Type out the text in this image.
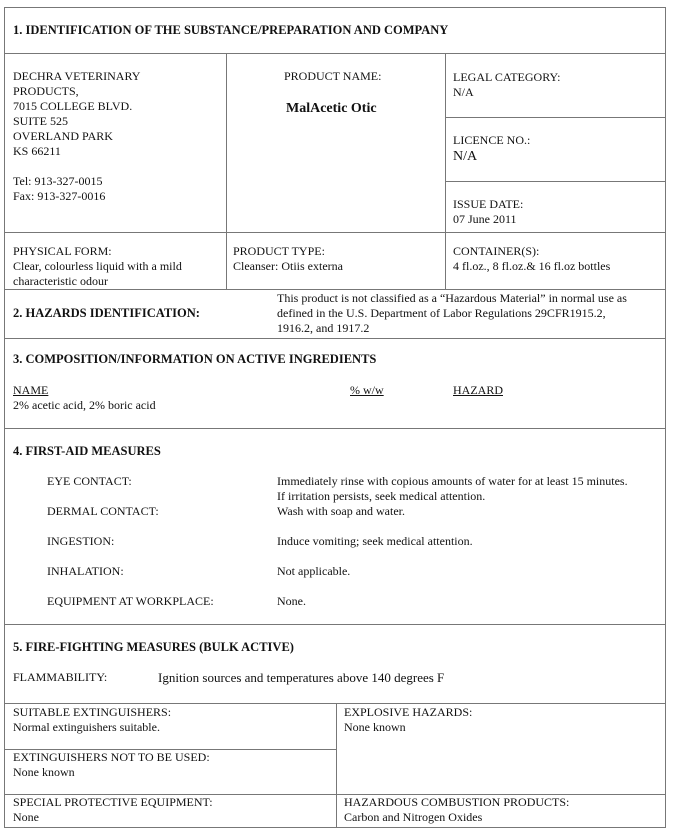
1. IDENTIFICATION OF THE SUBSTANCE/PREPARATION AND COMPANY
DECHRA VETERINARY
PRODUCTS,
7015 COLLEGE BLVD.
SUITE 525
OVERLAND PARK
KS 66211
Tel: 913-327-0015
Fax: 913-327-0016
PRODUCT NAME:
MalAcetic Otic
LEGAL CATEGORY:
N/A
LICENCE NO.:
N/A
ISSUE DATE:
07 June 2011
PHYSICAL FORM:
Clear, colourless liquid with a mild
characteristic odour
PRODUCT TYPE:
Cleanser: Otiis externa
CONTAINER(S):
4 fl.oz., 8 fl.oz.& 16 fl.oz bottles
2. HAZARDS IDENTIFICATION:
This product is not classified as a “Hazardous Material” in normal use as
defined in the U.S. Department of Labor Regulations 29CFR1915.2,
1916.2, and 1917.2
3. COMPOSITION/INFORMATION ON ACTIVE INGREDIENTS
NAME	% w/w	HAZARD
2% acetic acid, 2% boric acid
4. FIRST-AID MEASURES
EYE CONTACT:	Immediately rinse with copious amounts of water for at least 15 minutes.
If irritation persists, seek medical attention.
DERMAL CONTACT:	Wash with soap and water.
INGESTION:	Induce vomiting; seek medical attention.
INHALATION:	Not applicable.
EQUIPMENT AT WORKPLACE:	None.
5. FIRE-FIGHTING MEASURES (BULK ACTIVE)
FLAMMABILITY:	Ignition sources and temperatures above 140 degrees F
SUITABLE EXTINGUISHERS:
Normal extinguishers suitable.
EXPLOSIVE HAZARDS:
None known
EXTINGUISHERS NOT TO BE USED:
None known
SPECIAL PROTECTIVE EQUIPMENT:
None
HAZARDOUS COMBUSTION PRODUCTS:
Carbon and Nitrogen Oxides
